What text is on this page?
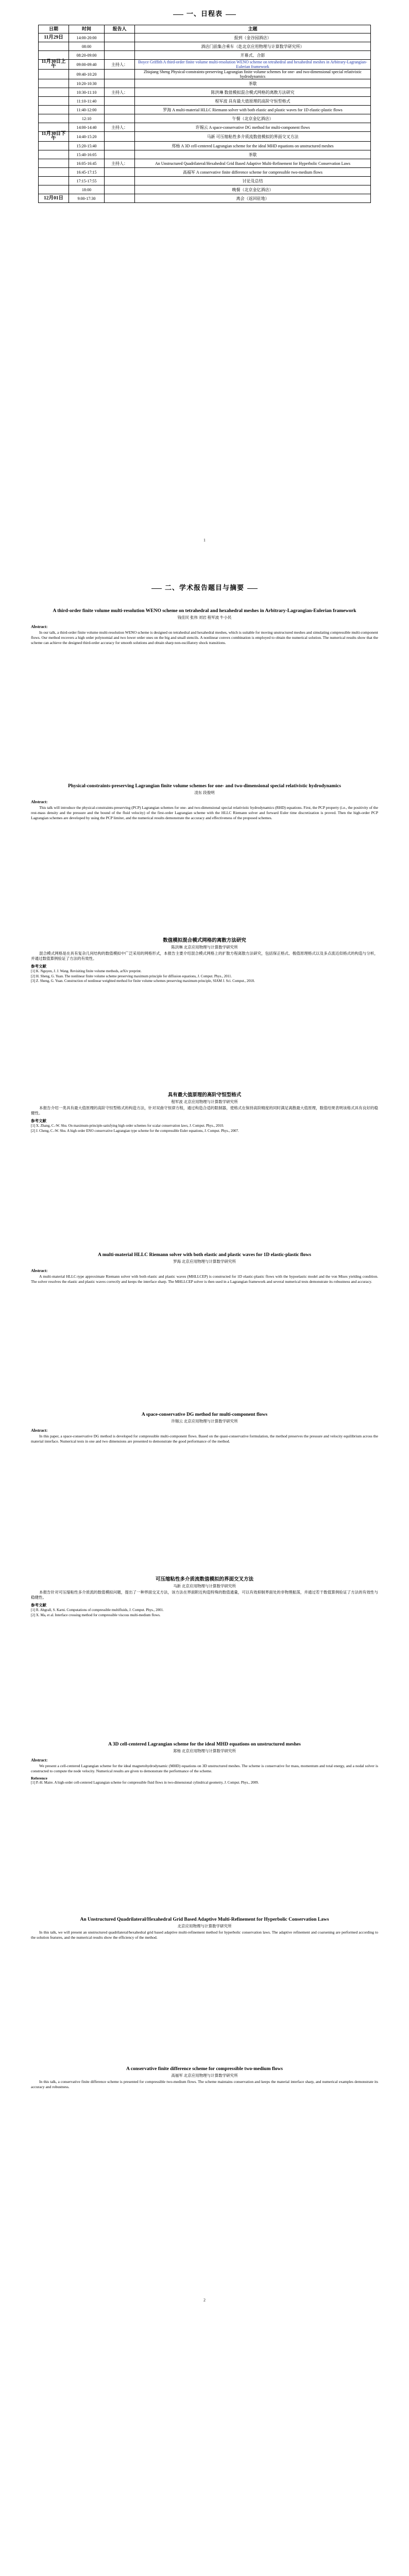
一、日程表
日期	时间	报告人	主题
11月29日	14:00-20:00		报到（金谷园酒店）
	08:00		酒店门前集合乘车（赴北京应用物理与计算数学研究所）
	08:20-09:00		开幕式、合影
11月30日上午	09:00-09:40	主持人：	Boyce Griffith A third-order finite volume multi-resolution WENO scheme on tetrahedral and hexahedral meshes in Arbitrary-Lagrangian-Eulerian framework
	09:40-10:20		Zhiqiang Sheng Physical-constraints-preserving Lagrangian finite volume schemes for one- and two-dimensional special relativistic hydrodynamics
	10:20-10:30		茶歇
	10:30-11:10	主持人：	陈洪琳 数值模拟混合模式网格的离散方法研究
	11:10-11:40		程军波 具有最大值原理的高阶守恒型格式
	11:40-12:00		罗海 A multi-material HLLC Riemann solver with both elastic and plastic waves for 1D elastic-plastic flows
	12:10		午餐（北京金亿酒店）
	14:00-14:40	主持人：	许锡云 A space-conservative DG method for multi-component flows
11月30日下午	14:40-15:20		马新 可压缩粘性多介质流数值模拟的界面交叉方法
	15:20-15:40		郑杨 A 3D cell-centered Lagrangian scheme for the ideal MHD equations on unstructured meshes
	15:40-16:05		茶歇
	16:05-16:45	主持人：	An Unstructured Quadrilateral/Hexahedral Grid Based Adaptive Multi-Refinement for Hyperbolic Conservation Laws
	16:45-17:15		高福军 A conservative finite difference scheme for compressible two-medium flows
	17:15-17:55		讨论及总结
	18:00		晚餐（北京金亿酒店）
12月01日	9:00-17:30		离会（返回驻地）
1
二、学术报告题目与摘要
A third-order finite volume multi-resolution WENO scheme on tetrahedral and hexahedral meshes in Arbitrary-Lagrangian-Eulerian framework
钱佳民 张伟 刘岩 程军波 牛小民
Abstract:
In our talk, a third-order finite volume multi-resolution WENO scheme is designed on tetrahedral and hexahedral meshes, which is suitable for moving unstructured meshes and simulating compressible multi-component flows. Our method recovers a high order polynomial and two lower order ones on the big and small stencils. A nonlinear convex combination is employed to obtain the numerical solution. The numerical results show that the scheme can achieve the designed third-order accuracy for smooth solutions and obtain sharp non-oscillatory shock transitions.
Physical-constraints-preserving Lagrangian finite volume schemes for one- and two-dimensional special relativistic hydrodynamics
凌东 段俊明
Abstract:
This talk will introduce the physical-constraints-preserving (PCP) Lagrangian schemes for one- and two-dimensional special relativistic hydrodynamics (RHD) equations. First, the PCP property (i.e., the positivity of the rest-mass density and the pressure and the bound of the fluid velocity) of the first-order Lagrangian scheme with the HLLC Riemann solver and forward Euler time discretization is proved. Then the high-order PCP Lagrangian schemes are developed by using the PCP limiter, and the numerical results demonstrate the accuracy and effectiveness of the proposed schemes.
数值模拟混合模式网格的离散方法研究
陈洪琳 北京应用物理与计算数学研究所
混合模式网格是在具有复杂几何结构的数值模拟中广泛采用的网格形式，本报告主要介绍混合模式网格上的扩散方程离散方法研究，包括保正格式、极值原理格式以及多点流近似格式的构造与分析，并通过数值算例验证了方法的有效性。
参考文献
[1] K. Nguyen, J. J. Wang. Revisiting finite volume methods, arXiv preprint.
[2] H. Sheng, G. Yuan. The nonlinear finite volume scheme preserving maximum principle for diffusion equations, J. Comput. Phys., 2011.
[3] Z. Sheng, G. Yuan. Construction of nonlinear weighted method for finite volume schemes preserving maximum principle, SIAM J. Sci. Comput., 2018.
具有最大值原理的高阶守恒型格式
程军波 北京应用物理与计算数学研究所
本报告介绍一类具有最大值原理的高阶守恒型格式的构造方法，针对双曲守恒律方程，通过构造合适的限制器，使格式在保持高阶精度的同时满足离散最大值原理，数值结果表明该格式具有良好的稳健性。
参考文献
[1] X. Zhang, C.-W. Shu. On maximum-principle-satisfying high order schemes for scalar conservation laws, J. Comput. Phys., 2010.
[2] J. Cheng, C.-W. Shu. A high order ENO conservative Lagrangian type scheme for the compressible Euler equations, J. Comput. Phys., 2007.
A multi-material HLLC Riemann solver with both elastic and plastic waves for 1D elastic-plastic flows
罗海 北京应用物理与计算数学研究所
Abstract:
A multi-material HLLC-type approximate Riemann solver with both elastic and plastic waves (MHLLCEP) is constructed for 1D elastic-plastic flows with the hypoelastic model and the von Mises yielding condition. The solver resolves the elastic and plastic waves correctly and keeps the interface sharp. The MHLLCEP solver is then used in a Lagrangian framework and several numerical tests demonstrate its robustness and accuracy.
A space-conservative DG method for multi-component flows
许锡云 北京应用物理与计算数学研究所
Abstract:
In this paper, a space-conservative DG method is developed for compressible multi-component flows. Based on the quasi-conservative formulation, the method preserves the pressure and velocity equilibrium across the material interface. Numerical tests in one and two dimensions are presented to demonstrate the good performance of the method.
可压缩粘性多介质流数值模拟的界面交叉方法
马新 北京应用物理与计算数学研究所
本报告针对可压缩粘性多介质流的数值模拟问题，提出了一种界面交叉方法，该方法在界面附近构造特殊的数值通量，可以有效抑制界面处的非物理振荡，并通过若干数值算例验证了方法的有效性与稳健性。
参考文献
[1] R. Abgrall, S. Karni. Computations of compressible multifluids, J. Comput. Phys., 2001.
[2] X. Ma, et al. Interface crossing method for compressible viscous multi-medium flows.
A 3D cell-centered Lagrangian scheme for the ideal MHD equations on unstructured meshes
郑杨 北京应用物理与计算数学研究所
Abstract:
We present a cell-centered Lagrangian scheme for the ideal magnetohydrodynamic (MHD) equations on 3D unstructured meshes. The scheme is conservative for mass, momentum and total energy, and a nodal solver is constructed to compute the node velocity. Numerical results are given to demonstrate the performance of the scheme.
Reference
[1] P.-H. Maire. A high-order cell-centered Lagrangian scheme for compressible fluid flows in two-dimensional cylindrical geometry, J. Comput. Phys., 2009.
An Unstructured Quadrilateral/Hexahedral Grid Based Adaptive Multi-Refinement for Hyperbolic Conservation Laws
北京应用物理与计算数学研究所
In this talk, we will present an unstructured quadrilateral/hexahedral grid based adaptive multi-refinement method for hyperbolic conservation laws. The adaptive refinement and coarsening are performed according to the solution features, and the numerical results show the efficiency of the method.
A conservative finite difference scheme for compressible two-medium flows
高福军 北京应用物理与计算数学研究所
In this talk, a conservative finite difference scheme is presented for compressible two-medium flows. The scheme maintains conservation and keeps the material interface sharp, and numerical examples demonstrate its accuracy and robustness.
2
